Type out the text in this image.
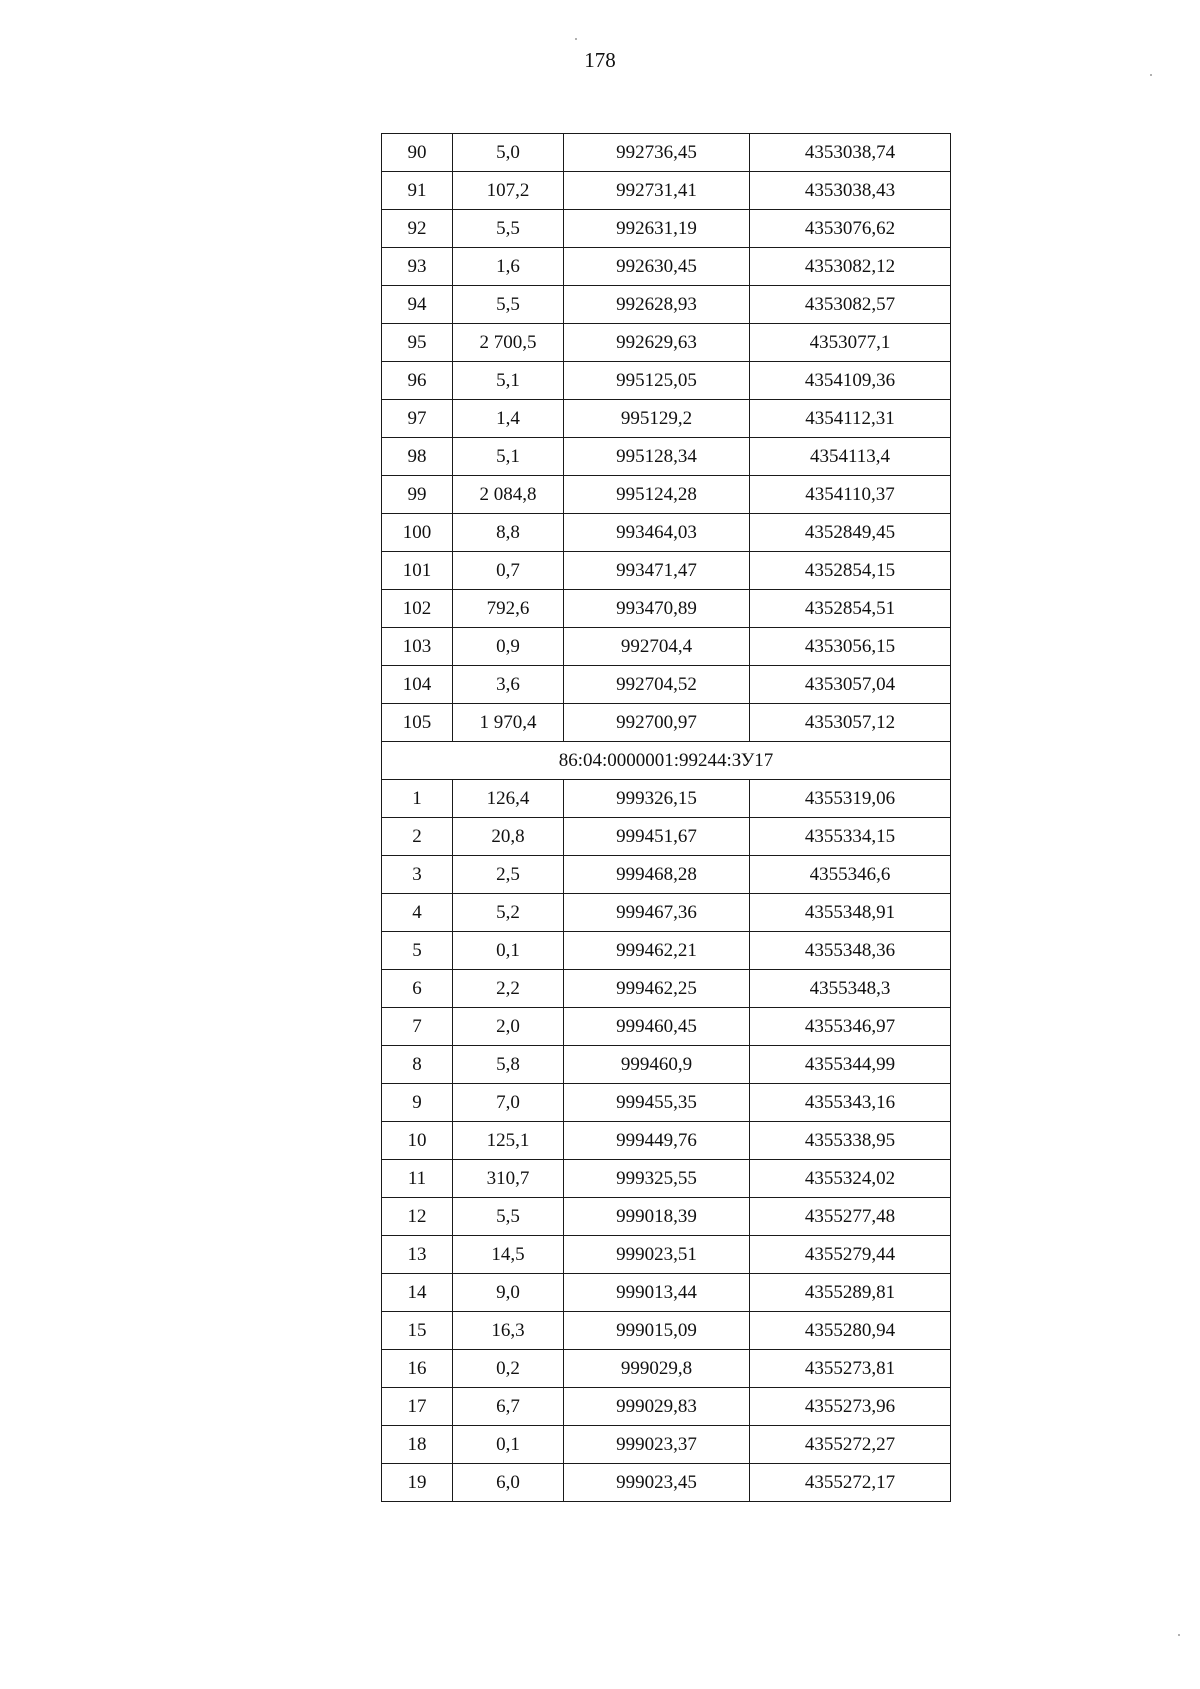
178
90	5,0	992736,45	4353038,74
91	107,2	992731,41	4353038,43
92	5,5	992631,19	4353076,62
93	1,6	992630,45	4353082,12
94	5,5	992628,93	4353082,57
95	2 700,5	992629,63	4353077,1
96	5,1	995125,05	4354109,36
97	1,4	995129,2	4354112,31
98	5,1	995128,34	4354113,4
99	2 084,8	995124,28	4354110,37
100	8,8	993464,03	4352849,45
101	0,7	993471,47	4352854,15
102	792,6	993470,89	4352854,51
103	0,9	992704,4	4353056,15
104	3,6	992704,52	4353057,04
105	1 970,4	992700,97	4353057,12
86:04:0000001:99244:ЗУ17			
1	126,4	999326,15	4355319,06
2	20,8	999451,67	4355334,15
3	2,5	999468,28	4355346,6
4	5,2	999467,36	4355348,91
5	0,1	999462,21	4355348,36
6	2,2	999462,25	4355348,3
7	2,0	999460,45	4355346,97
8	5,8	999460,9	4355344,99
9	7,0	999455,35	4355343,16
10	125,1	999449,76	4355338,95
11	310,7	999325,55	4355324,02
12	5,5	999018,39	4355277,48
13	14,5	999023,51	4355279,44
14	9,0	999013,44	4355289,81
15	16,3	999015,09	4355280,94
16	0,2	999029,8	4355273,81
17	6,7	999029,83	4355273,96
18	0,1	999023,37	4355272,27
19	6,0	999023,45	4355272,17
